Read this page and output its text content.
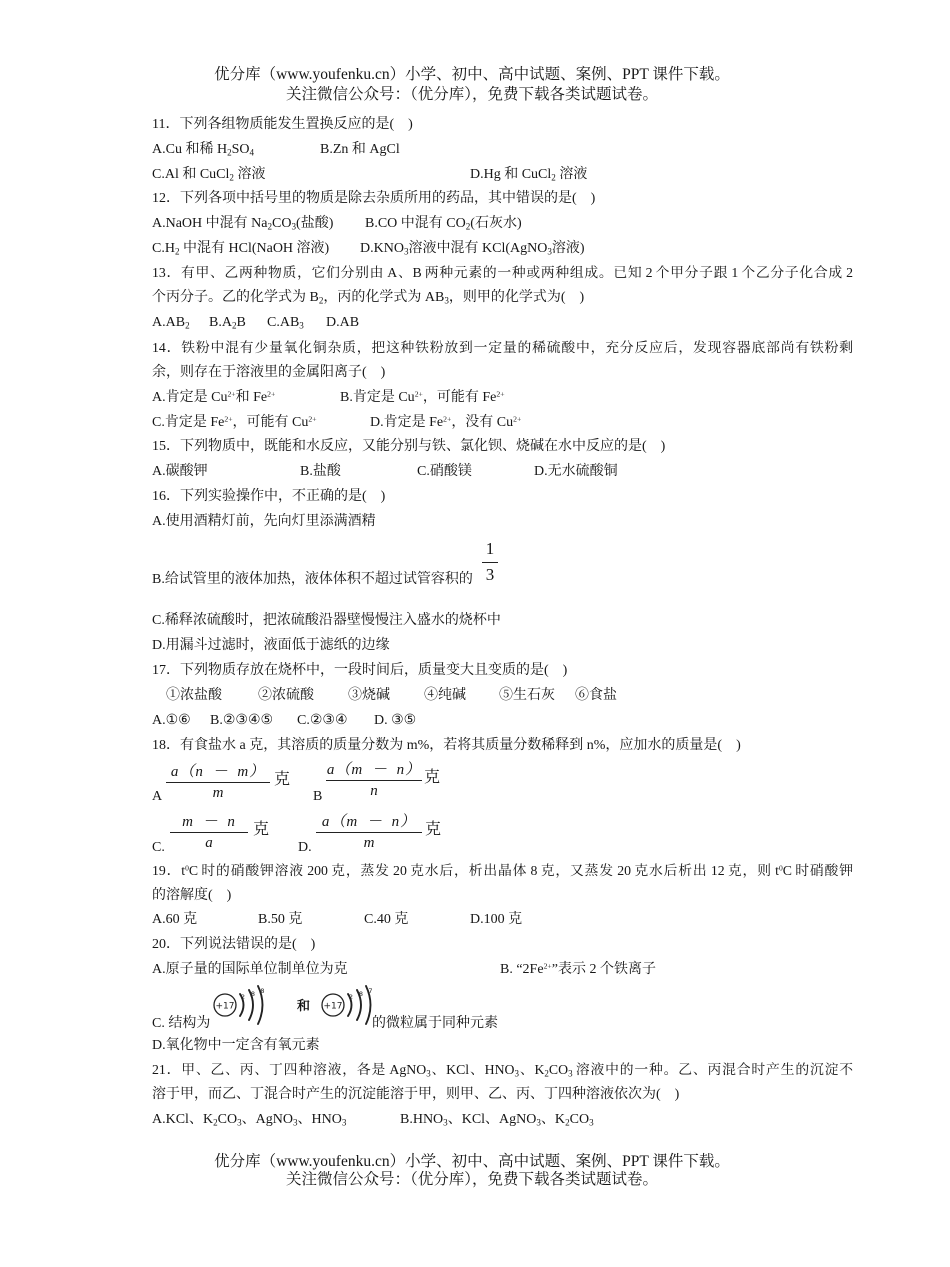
优分库（www.youfenku.cn）小学、初中、高中试题、案例、PPT 课件下载。
关注微信公众号：（优分库），免费下载各类试题试卷。
11．下列各组物质能发生置换反应的是(    )
A.Cu 和稀 $H_2SO_4$	B.Zn 和 AgCl
C.Al 和 CuCl$_2$ 溶液	D.Hg 和 CuCl$_2$ 溶液
12．下列各项中括号里的物质是除去杂质所用的药品，其中错误的是(    )
A.NaOH 中混有 $Na_2CO_3$(盐酸) B.CO 中混有 $CO_2$(石灰水)
$C.H_2$ 中混有 HCl(NaOH 溶液) $D.KNO_3$溶液中混有 KCl(AgNO$_3$溶液)
13．有甲、乙两种物质，它们分别由 A、B 两种元素的一种或两种组成。已知 2 个甲分子跟 1 个乙分子化合成 2
个丙分子。乙的化学式为 $B_2$，丙的化学式为 $AB_3$，则甲的化学式为(    )
$A.AB_2$ $B.A_2B$ $C.AB_3$ D.AB
14．铁粉中混有少量氧化铜杂质，把这种铁粉放到一定量的稀硫酸中，充分反应后，发现容器底部尚有铁粉剩
余，则存在于溶液里的金属阳离子(    )
A.肯定是 $Cu^{2+}$和 $Fe^{2+}$	B.肯定是 $Cu^{2+}$，可能有 $Fe^{2+}$
C.肯定是 $Fe^{2+}$，可能有 $Cu^{2+}$	D.肯定是 $Fe^{2+}$，没有 $Cu^{2+}$
15．下列物质中，既能和水反应，又能分别与铁、氯化钡、烧碱在水中反应的是(    )
A.碳酸钾	B.盐酸	C.硝酸镁	D.无水硫酸铜
16．下列实验操作中，不正确的是(    )
A.使用酒精灯前，先向灯里添满酒精
B.给试管里的液体加热，液体体积不超过试管容积的 $\frac{1}{3}$
C.稀释浓硫酸时，把浓硫酸沿器壁慢慢注入盛水的烧杯中
D.用漏斗过滤时，液面低于滤纸的边缘
17．下列物质存放在烧杯中，一段时间后，质量变大且变质的是(    )
①浓盐酸	②浓硫酸 ③烧碱 ④纯碱 ⑤生石灰 ⑥食盐
A.①⑥ B.②③④⑤ C.②③④ D. ③⑤
18．有食盐水 a 克，其溶质的质量分数为 m%，若将其质量分数稀释到 n%，应加水的质量是(    )
A $\frac{a(n - m)}{m}$ 克
B $\frac{a(m - n)}{n}$ 克
C. $\frac{m - n}{a}$ 克
D. $\frac{a(m - n)}{m}$ 克
19．$t^0C$ 时的硝酸钾溶液 200 克，蒸发 20 克水后，析出晶体 8 克，又蒸发 20 克水后析出 12 克，则 $t^0C$ 时硝酸钾
的溶解度(    )
A.60 克	B.50 克	C.40 克	D.100 克
20．下列说法错误的是(    )
A.原子量的国际单位制单位为克	B. “$2Fe^{2+}$”表示 2 个铁离子
C. 结构为
+17
2 8 8
和 +17
2 8 7
的微粒属于同种元素
D.氧化物中一定含有氧元素
21．甲、乙、丙、丁四种溶液，各是 AgNO$_3$、KCl、$HNO_3$、$K_2CO_3$ 溶液中的一种。乙、丙混合时产生的沉淀不
溶于甲，而乙、丁混合时产生的沉淀能溶于甲，则甲、乙、丙、丁四种溶液依次为(    )
A.KCl、$K_2CO_3$、AgNO$_3$、$HNO_3$	$B.HNO_3$、KCl、AgNO$_3$、$K_2CO_3$
优分库（www.youfenku.cn）小学、初中、高中试题、案例、PPT 课件下载。
关注微信公众号：（优分库），免费下载各类试题试卷。
